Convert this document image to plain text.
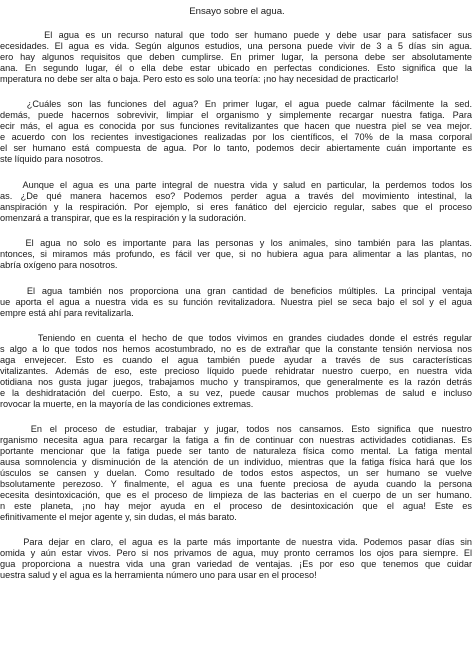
Ensayo sobre el agua.
El agua es un recurso natural que todo ser humano puede y debe usar para satisfacer sus
ecesidades. El agua es vida. Según algunos estudios, una persona puede vivir de 3 a 5 días sin agua.
ero hay algunos requisitos que deben cumplirse. En primer lugar, la persona debe ser absolutamente
ana. En segundo lugar, él o ella debe estar ubicado en perfectas condiciones. Esto significa que la
mperatura no debe ser alta o baja. Pero esto es solo una teoría: ¡no hay necesidad de practicarlo!
¿Cuáles son las funciones del agua? En primer lugar, el agua puede calmar fácilmente la sed.
demás, puede hacernos sobrevivir, limpiar el organismo y simplemente recargar nuestra fatiga. Para
ecir más, el agua es conocida por sus funciones revitalizantes que hacen que nuestra piel se vea mejor.
e acuerdo con los recientes investigaciones realizadas por los científicos, el 70% de la masa corporal
el ser humano está compuesta de agua. Por lo tanto, podemos decir abiertamente cuán importante es
ste líquido para nosotros.
Aunque el agua es una parte integral de nuestra vida y salud en particular, la perdemos todos los
as. ¿De qué manera hacemos eso? Podemos perder agua a través del movimiento intestinal, la
anspiración y la respiración. Por ejemplo, si eres fanático del ejercicio regular, sabes que el proceso
omenzará a transpirar, que es la respiración y la sudoración.
El agua no solo es importante para las personas y los animales, sino también para las plantas.
ntonces, si miramos más profundo, es fácil ver que, si no hubiera agua para alimentar a las plantas, no
abría oxígeno para nosotros.
El agua también nos proporciona una gran cantidad de beneficios múltiples. La principal ventaja
ue aporta el agua a nuestra vida es su función revitalizadora. Nuestra piel se seca bajo el sol y el agua
empre está ahí para revitalizarla.
Teniendo en cuenta el hecho de que todos vivimos en grandes ciudades donde el estrés regular
s algo a lo que todos nos hemos acostumbrado, no es de extrañar que la constante tensión nerviosa nos
aga envejecer. Esto es cuando el agua también puede ayudar a través de sus características
vitalizantes. Además de eso, este precioso líquido puede rehidratar nuestro cuerpo, en nuestra vida
otidiana nos gusta jugar juegos, trabajamos mucho y transpiramos, que generalmente es la razón detrás
e la deshidratación del cuerpo. Esto, a su vez, puede causar muchos problemas de salud e incluso
rovocar la muerte, en la mayoría de las condiciones extremas.
En el proceso de estudiar, trabajar y jugar, todos nos cansamos. Esto significa que nuestro
rganismo necesita agua para recargar la fatiga a fin de continuar con nuestras actividades cotidianas. Es
portante mencionar que la fatiga puede ser tanto de naturaleza física como mental. La fatiga mental
ausa somnolencia y disminución de la atención de un individuo, mientras que la fatiga física hará que los
úsculos se cansen y duelan. Como resultado de todos estos aspectos, un ser humano se vuelve
bsolutamente perezoso. Y finalmente, el agua es una fuente preciosa de ayuda cuando la persona
ecesita desintoxicación, que es el proceso de limpieza de las bacterias en el cuerpo de un ser humano.
n este planeta, ¡no hay mejor ayuda en el proceso de desintoxicación que el agua! Este es
efinitivamente el mejor agente y, sin dudas, el más barato.
Para dejar en claro, el agua es la parte más importante de nuestra vida. Podemos pasar días sin
omida y aún estar vivos. Pero si nos privamos de agua, muy pronto cerramos los ojos para siempre. El
gua proporciona a nuestra vida una gran variedad de ventajas. ¡Es por eso que tenemos que cuidar
uestra salud y el agua es la herramienta número uno para usar en el proceso!
